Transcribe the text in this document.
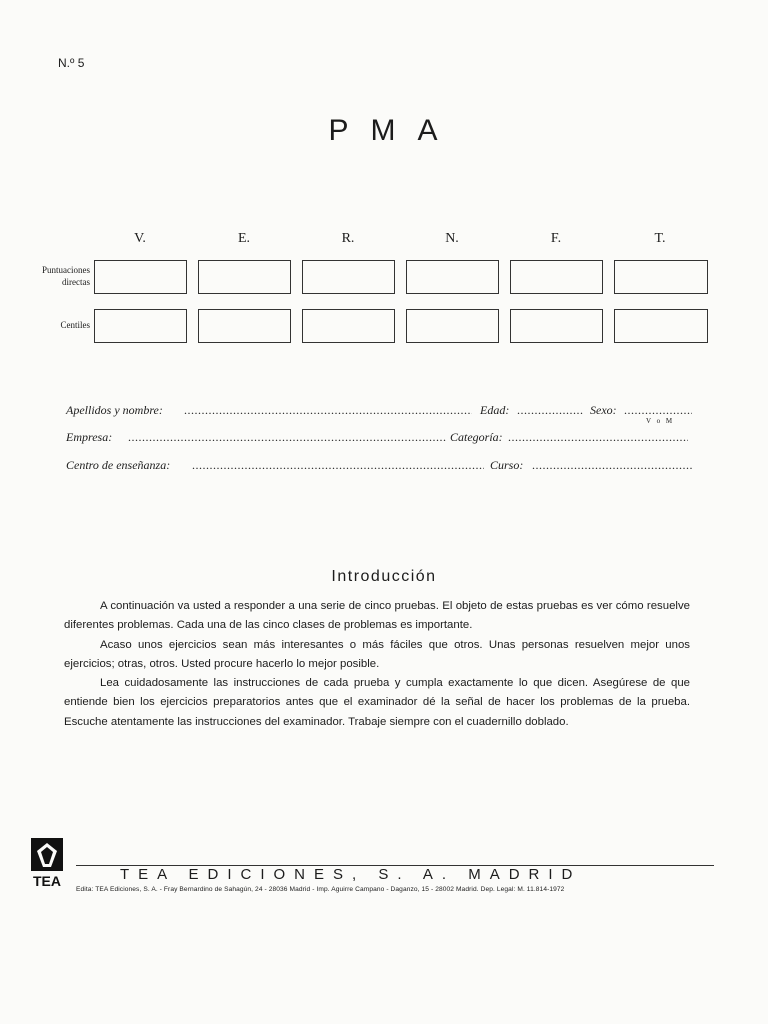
N.º 5
PMA
V.	E.	R.	N.	F.	T.
Puntuaciones
directas
Centiles
Apellidos y nombre: .....	Edad: .....	Sexo:
.....
V o M
Empresa: .....	Categoría:
.....
Centro de enseñanza: .....	Curso:
.....
Introducción

A continuación va usted a responder a una serie de cinco pruebas. El objeto de estas pruebas es ver cómo resuelve diferentes problemas. Cada una de las cinco clases de problemas es importante.

Acaso unos ejercicios sean más interesantes o más fáciles que otros. Unas personas resuelven mejor unos ejercicios; otras, otros. Usted procure hacerlo lo mejor posible.

Lea cuidadosamente las instrucciones de cada prueba y cumpla exactamente lo que dicen. Asegúrese de que entiende bien los ejercicios preparatorios antes que el examinador dé la señal de hacer los problemas de la prueba. Escuche atentamente las instrucciones del examinador. Trabaje siempre con el cuadernillo doblado.

TEA	TEA EDICIONES, S. A. MADRID
Edita: TEA Ediciones, S. A. - Fray Bernardino de Sahagún, 24 - 28036 Madrid - Imp. Aguirre Campano - Daganzo, 15 - 28002 Madrid. Dep. Legal: M. 11.814-1972
